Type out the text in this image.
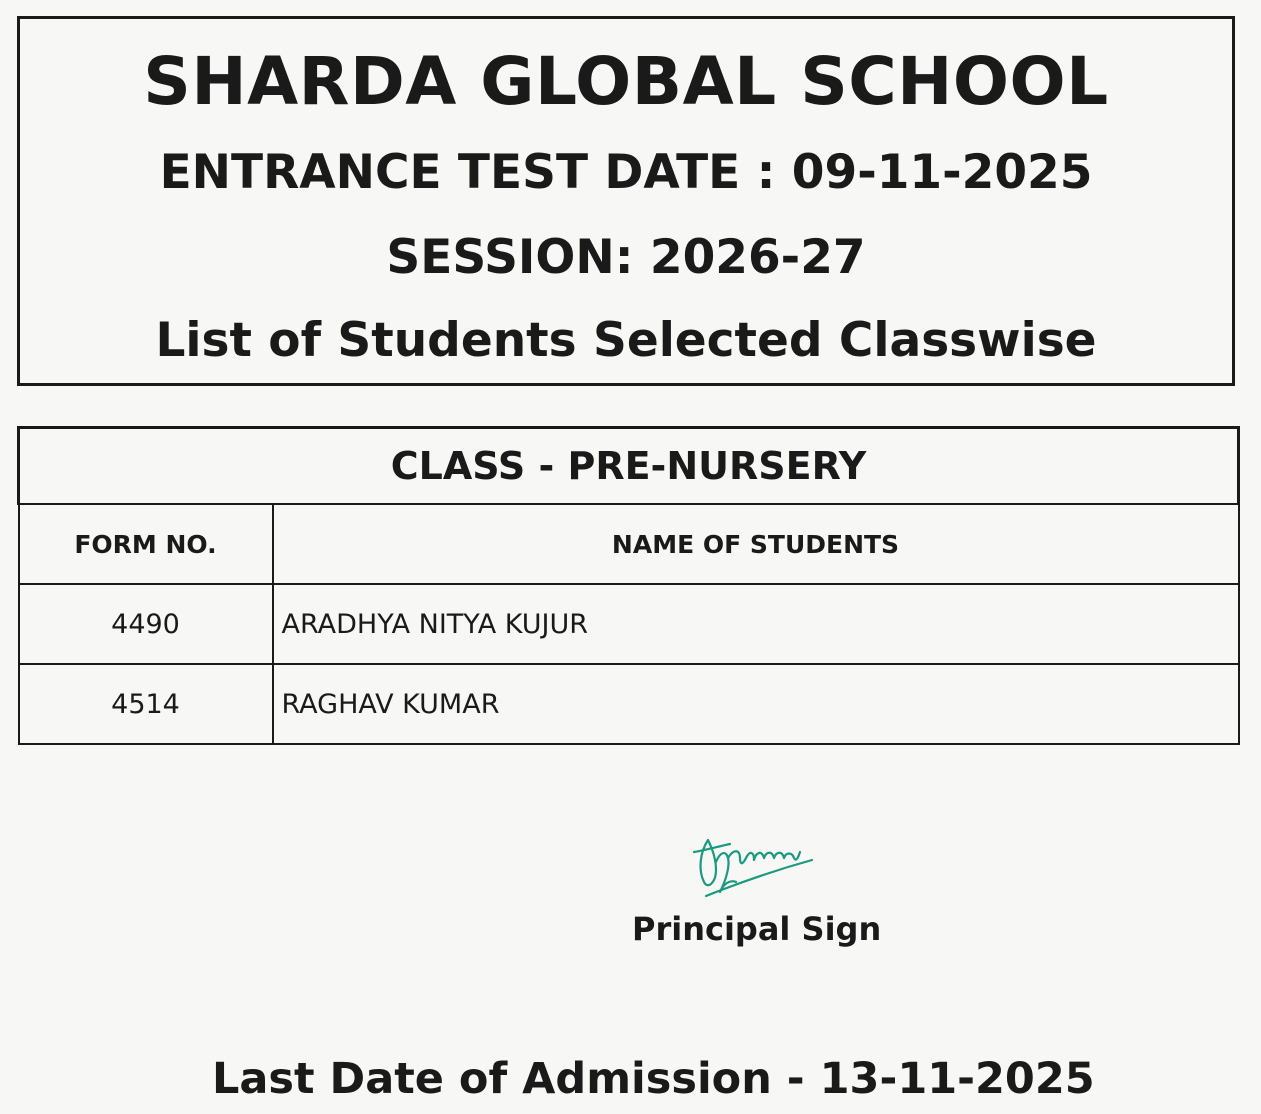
SHARDA GLOBAL SCHOOL
ENTRANCE TEST DATE : 09-11-2025
SESSION: 2026-27
List of Students Selected Classwise
CLASS - PRE-NURSERY	
FORM NO.	NAME OF STUDENTS
4490	ARADHYA NITYA KUJUR
4514	RAGHAV KUMAR
Principal Sign
Last Date of Admission - 13-11-2025
